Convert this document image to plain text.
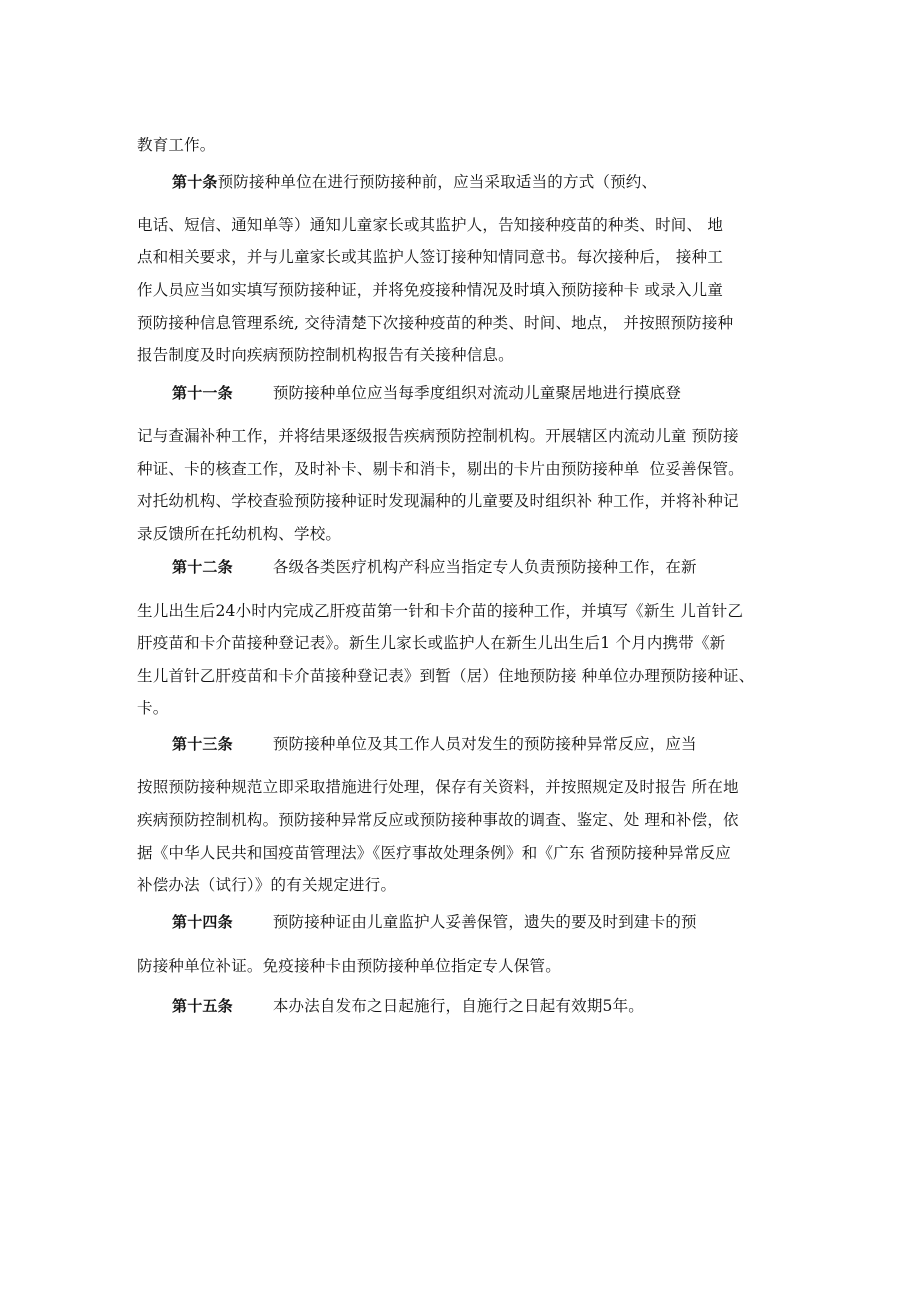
教育工作。
第十条预防接种单位在进行预防接种前，应当采取适当的方式（预约、
电话、短信、通知单等）通知儿童家长或其监护人，告知接种疫苗的种类、时间、 地
点和相关要求，并与儿童家长或其监护人签订接种知情同意书。每次接种后， 接种工
作人员应当如实填写预防接种证，并将免疫接种情况及时填入预防接种卡 或录入儿童
预防接种信息管理系统, 交待清楚下次接种疫苗的种类、时间、地点， 并按照预防接种
报告制度及时向疾病预防控制机构报告有关接种信息。
第十一条	预防接种单位应当每季度组织对流动儿童聚居地进行摸底登
记与查漏补种工作，并将结果逐级报告疾病预防控制机构。开展辖区内流动儿童 预防接
种证、卡的核查工作，及时补卡、剔卡和消卡，剔出的卡片由预防接种单  位妥善保管。
对托幼机构、学校查验预防接种证时发现漏种的儿童要及时组织补 种工作，并将补种记
录反馈所在托幼机构、学校。
第十二条	各级各类医疗机构产科应当指定专人负责预防接种工作，在新
生儿出生后24小时内完成乙肝疫苗第一针和卡介苗的接种工作，并填写《新生 儿首针乙
肝疫苗和卡介苗接种登记表》。新生儿家长或监护人在新生儿出生后1 个月内携带《新
生儿首针乙肝疫苗和卡介苗接种登记表》到暂（居）住地预防接 种单位办理预防接种证、
卡。
第十三条	预防接种单位及其工作人员对发生的预防接种异常反应，应当
按照预防接种规范立即采取措施进行处理，保存有关资料，并按照规定及时报告 所在地
疾病预防控制机构。预防接种异常反应或预防接种事故的调查、鉴定、处 理和补偿，依
据《中华人民共和国疫苗管理法》《医疗事故处理条例》和《广东 省预防接种异常反应
补偿办法（试行）》的有关规定进行。
第十四条	预防接种证由儿童监护人妥善保管，遗失的要及时到建卡的预
防接种单位补证。免疫接种卡由预防接种单位指定专人保管。
第十五条	本办法自发布之日起施行，自施行之日起有效期5年。
